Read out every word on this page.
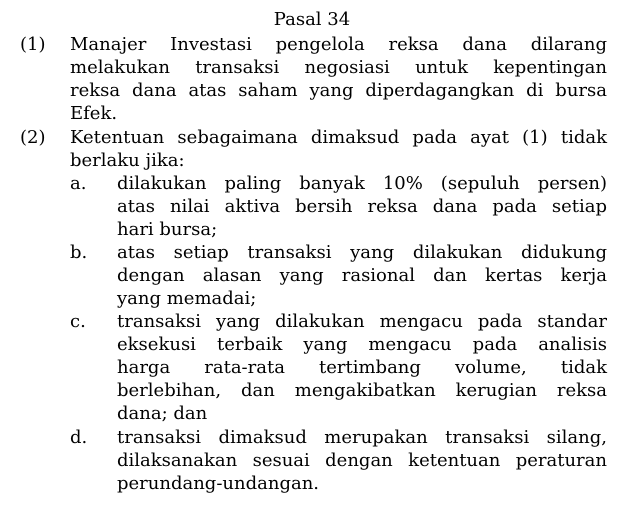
Pasal 34
(1) Manajer Investasi pengelola reksa dana dilarang
melakukan transaksi negosiasi untuk kepentingan
reksa dana atas saham yang diperdagangkan di bursa
Efek.
(2) Ketentuan sebagaimana dimaksud pada ayat (1) tidak
berlaku jika:
a. dilakukan paling banyak 10% (sepuluh persen)
atas nilai aktiva bersih reksa dana pada setiap
hari bursa;
b. atas setiap transaksi yang dilakukan didukung
dengan alasan yang rasional dan kertas kerja
yang memadai;
c. transaksi yang dilakukan mengacu pada standar
eksekusi terbaik yang mengacu pada analisis
harga rata-rata tertimbang volume, tidak
berlebihan, dan mengakibatkan kerugian reksa
dana; dan
d. transaksi dimaksud merupakan transaksi silang,
dilaksanakan sesuai dengan ketentuan peraturan
perundang-undangan.
